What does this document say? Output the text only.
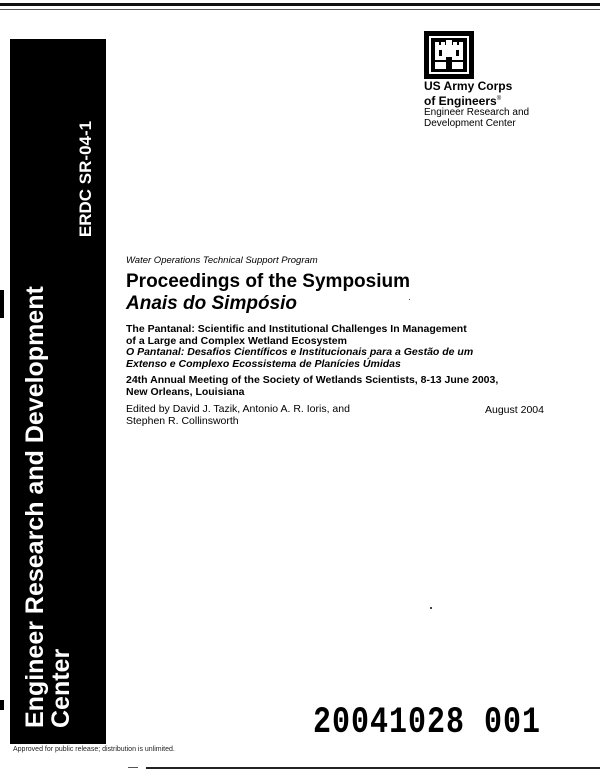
ERDC SR-04-1
Engineer Research and Development
Center
US Army Corps
of Engineers®
Engineer Research and
Development Center
Water Operations Technical Support Program
Proceedings of the Symposium
Anais do Simpósio
The Pantanal: Scientific and Institutional Challenges In Management
of a Large and Complex Wetland Ecosystem
O Pantanal: Desafios Científicos e Institucionais para a Gestão de um
Extenso e Complexo Ecossistema de Planícies Úmidas
24th Annual Meeting of the Society of Wetlands Scientists, 8-13 June 2003,
New Orleans, Louisiana
Edited by David J. Tazik, Antonio A. R. Ioris, and
Stephen R. Collinsworth
August 2004
20041028 001
Approved for public release; distribution is unlimited.
